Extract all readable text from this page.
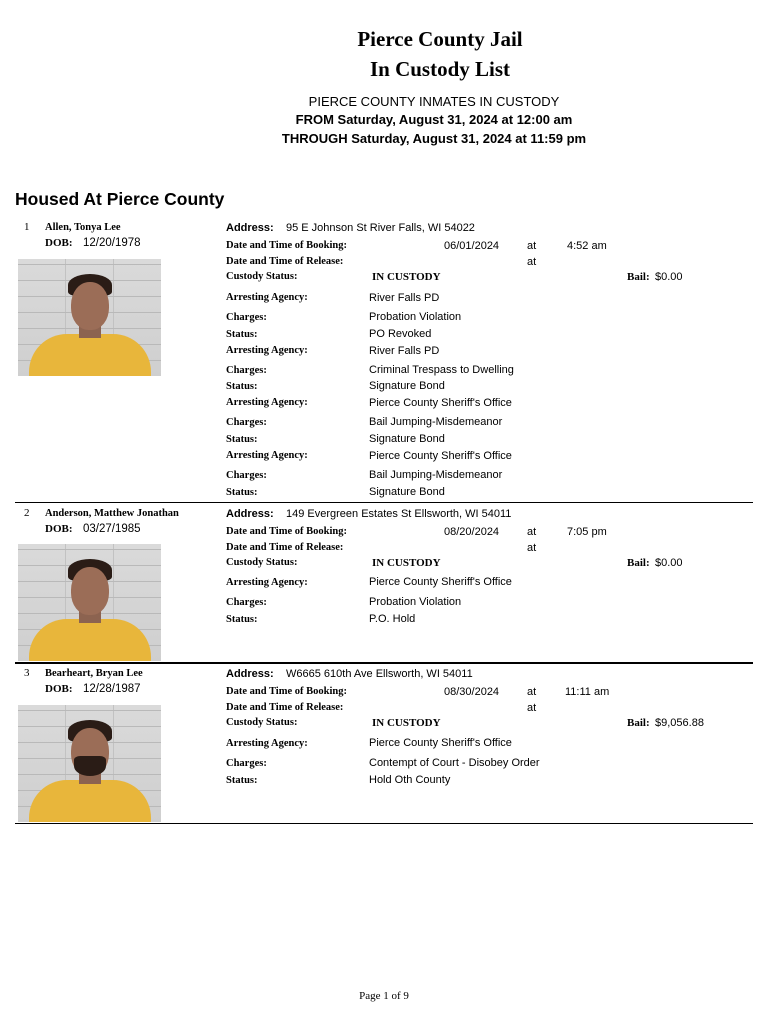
Pierce County Jail
In Custody List
PIERCE COUNTY INMATES IN CUSTODY
FROM Saturday, August 31, 2024 at 12:00 am
THROUGH Saturday, August 31, 2024 at 11:59 pm
Housed At Pierce County
1 Allen, Tonya Lee
DOB: 12/20/1978
Address: 95 E Johnson St River Falls, WI 54022
Date and Time of Booking:	06/01/2024	at	4:52 am
Date and Time of Release:	at
Custody Status:	IN CUSTODY	Bail: $0.00
Arresting Agency:	River Falls PD
Charges:	Probation Violation
Status:	PO Revoked
Arresting Agency:	River Falls PD
Charges:	Criminal Trespass to Dwelling
Status:	Signature Bond
Arresting Agency:	Pierce County Sheriff's Office
Charges:	Bail Jumping-Misdemeanor
Status:	Signature Bond
Arresting Agency:	Pierce County Sheriff's Office
Charges:	Bail Jumping-Misdemeanor
Status:	Signature Bond
2 Anderson, Matthew Jonathan
DOB: 03/27/1985
Address: 149 Evergreen Estates St Ellsworth, WI 54011
Date and Time of Booking:	08/20/2024	at	7:05 pm
Date and Time of Release:	at
Custody Status:	IN CUSTODY	Bail: $0.00
Arresting Agency:	Pierce County Sheriff's Office
Charges:	Probation Violation
Status:	P.O. Hold
3 Bearheart, Bryan Lee
DOB: 12/28/1987
Address: W6665 610th Ave Ellsworth, WI 54011
Date and Time of Booking:	08/30/2024	at	11:11 am
Date and Time of Release:	at
Custody Status:	IN CUSTODY	Bail: $9,056.88
Arresting Agency:	Pierce County Sheriff's Office
Charges:	Contempt of Court - Disobey Order
Status:	Hold Oth County
Page 1 of 9
